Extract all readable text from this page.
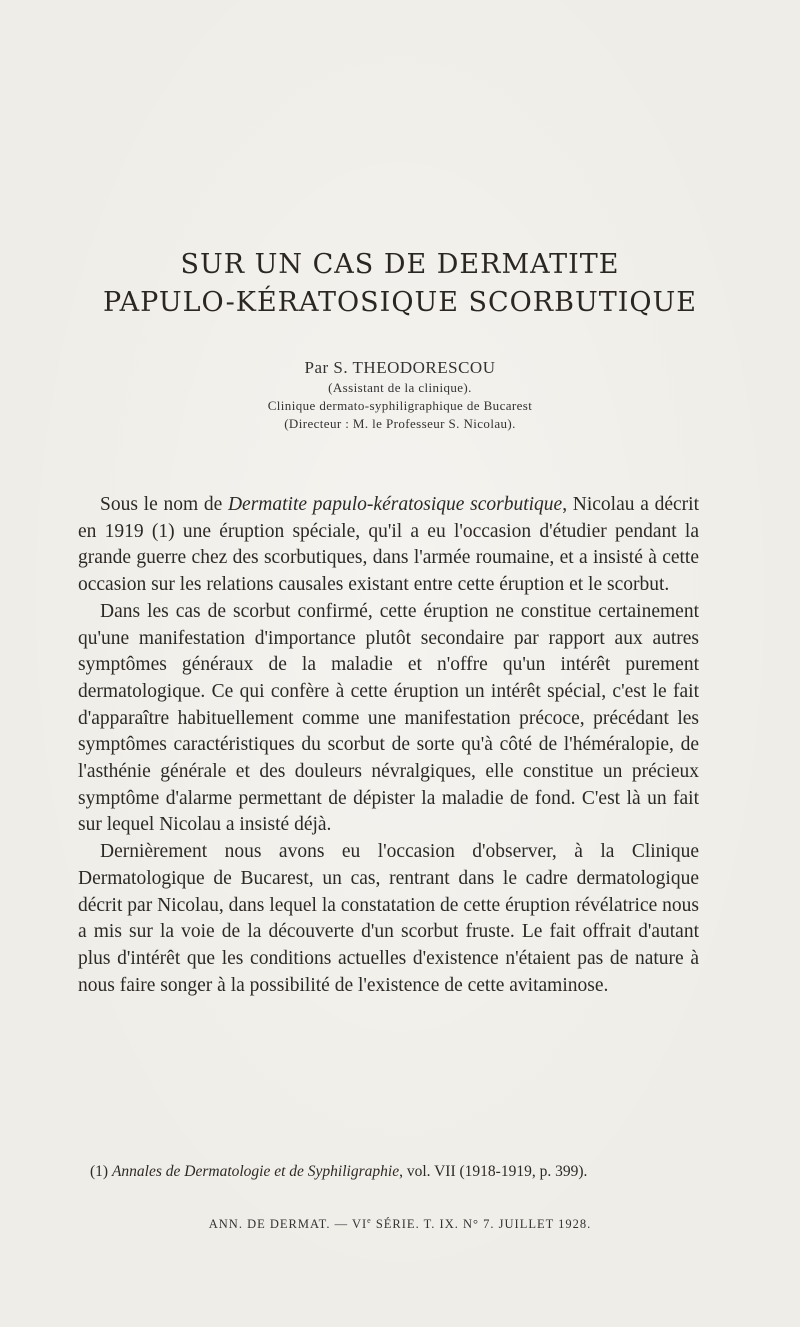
SUR UN CAS DE DERMATITE
PAPULO-KÉRATOSIQUE SCORBUTIQUE
Par S. THEODORESCOU
(Assistant de la clinique).
Clinique dermato-syphiligraphique de Bucarest
(Directeur : M. le Professeur S. Nicolau).

Sous le nom de Dermatite papulo-kératosique scorbutique, Nicolau a décrit en 1919 (1) une éruption spéciale, qu'il a eu l'occasion d'étudier pendant la grande guerre chez des scorbutiques, dans l'armée roumaine, et a insisté à cette occasion sur les relations causales existant entre cette éruption et le scorbut.

Dans les cas de scorbut confirmé, cette éruption ne constitue certainement qu'une manifestation d'importance plutôt secondaire par rapport aux autres symptômes généraux de la maladie et n'offre qu'un intérêt purement dermatologique. Ce qui confère à cette éruption un intérêt spécial, c'est le fait d'apparaître habituellement comme une manifestation précoce, précédant les symptômes caractéristiques du scorbut de sorte qu'à côté de l'héméralopie, de l'asthénie générale et des douleurs névralgiques, elle constitue un précieux symptôme d'alarme permettant de dépister la maladie de fond. C'est là un fait sur lequel Nicolau a insisté déjà.

Dernièrement nous avons eu l'occasion d'observer, à la Clinique Dermatologique de Bucarest, un cas, rentrant dans le cadre dermatologique décrit par Nicolau, dans lequel la constatation de cette éruption révélatrice nous a mis sur la voie de la découverte d'un scorbut fruste. Le fait offrait d'autant plus d'intérêt que les conditions actuelles d'existence n'étaient pas de nature à nous faire songer à la possibilité de l'existence de cette avitaminose.

(1) Annales de Dermatologie et de Syphiligraphie, vol. VII (1918-1919, p. 399).

ANN. DE DERMAT. — VIe SÉRIE. T. IX. N° 7. JUILLET 1928.
